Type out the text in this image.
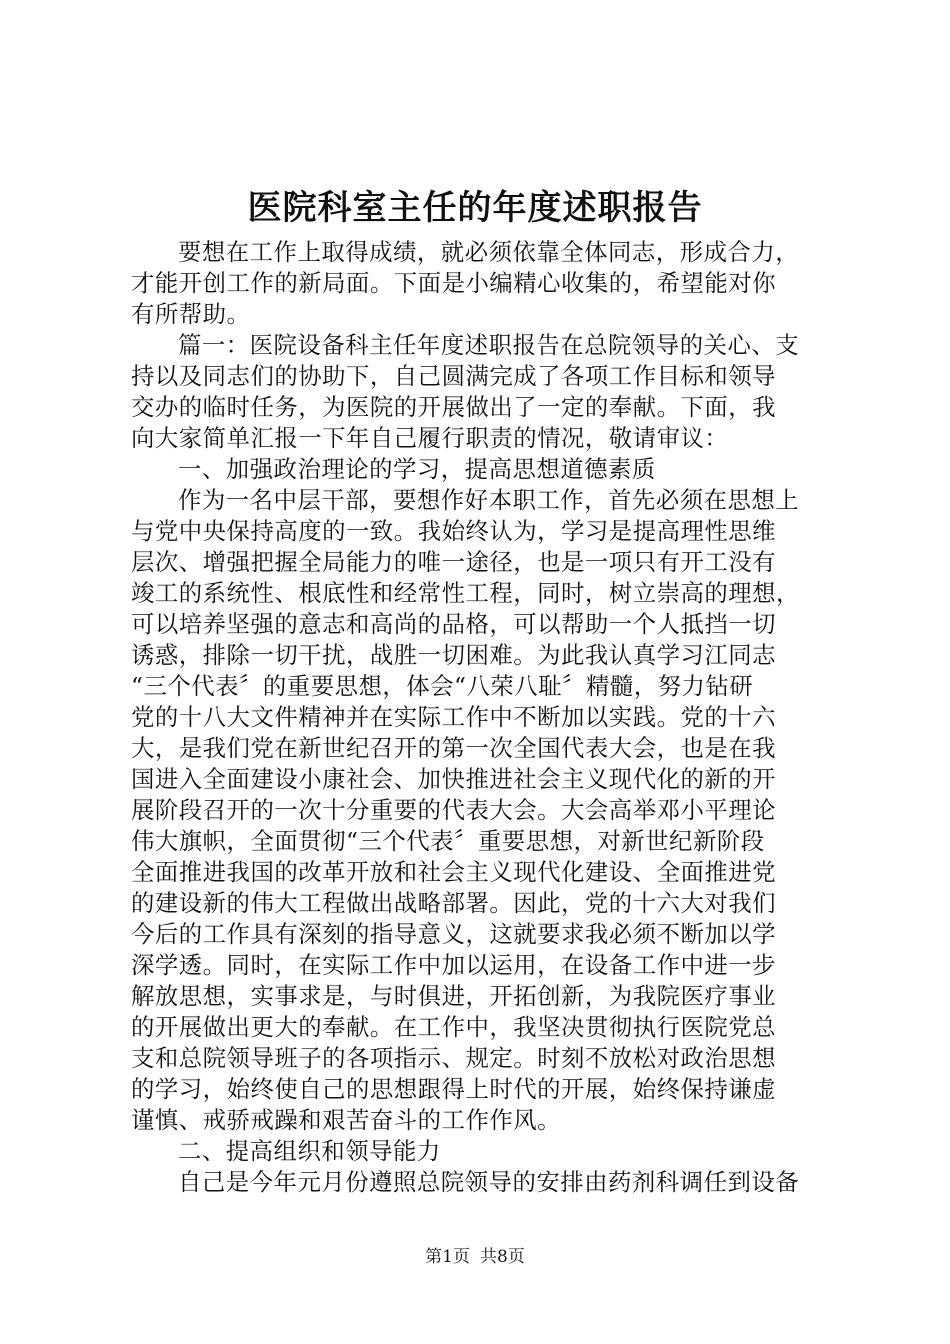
医院科室主任的年度述职报告
要想在工作上取得成绩，就必须依靠全体同志，形成合力，
才能开创工作的新局面。下面是小编精心收集的，希望能对你
有所帮助。
篇一：医院设备科主任年度述职报告在总院领导的关心、支
持以及同志们的协助下，自己圆满完成了各项工作目标和领导
交办的临时任务，为医院的开展做出了一定的奉献。下面，我
向大家简单汇报一下年自己履行职责的情况，敬请审议：
一、加强政治理论的学习，提高思想道德素质
作为一名中层干部，要想作好本职工作，首先必须在思想上
与党中央保持高度的一致。我始终认为，学习是提高理性思维
层次、增强把握全局能力的唯一途径，也是一项只有开工没有
竣工的系统性、根底性和经常性工程，同时，树立崇高的理想，
可以培养坚强的意志和高尚的品格，可以帮助一个人抵挡一切
诱惑，排除一切干扰，战胜一切困难。为此我认真学习江同志
“三个代表〞的重要思想，体会“八荣八耻〞精髓，努力钻研
党的十八大文件精神并在实际工作中不断加以实践。党的十六
大，是我们党在新世纪召开的第一次全国代表大会，也是在我
国进入全面建设小康社会、加快推进社会主义现代化的新的开
展阶段召开的一次十分重要的代表大会。大会高举邓小平理论
伟大旗帜，全面贯彻“三个代表〞重要思想，对新世纪新阶段
全面推进我国的改革开放和社会主义现代化建设、全面推进党
的建设新的伟大工程做出战略部署。因此，党的十六大对我们
今后的工作具有深刻的指导意义，这就要求我必须不断加以学
深学透。同时，在实际工作中加以运用，在设备工作中进一步
解放思想，实事求是，与时俱进，开拓创新，为我院医疗事业
的开展做出更大的奉献。在工作中，我坚决贯彻执行医院党总
支和总院领导班子的各项指示、规定。时刻不放松对政治思想
的学习，始终使自己的思想跟得上时代的开展，始终保持谦虚
谨慎、戒骄戒躁和艰苦奋斗的工作作风。
二、提高组织和领导能力
自己是今年元月份遵照总院领导的安排由药剂科调任到设备
第1页 共8页
